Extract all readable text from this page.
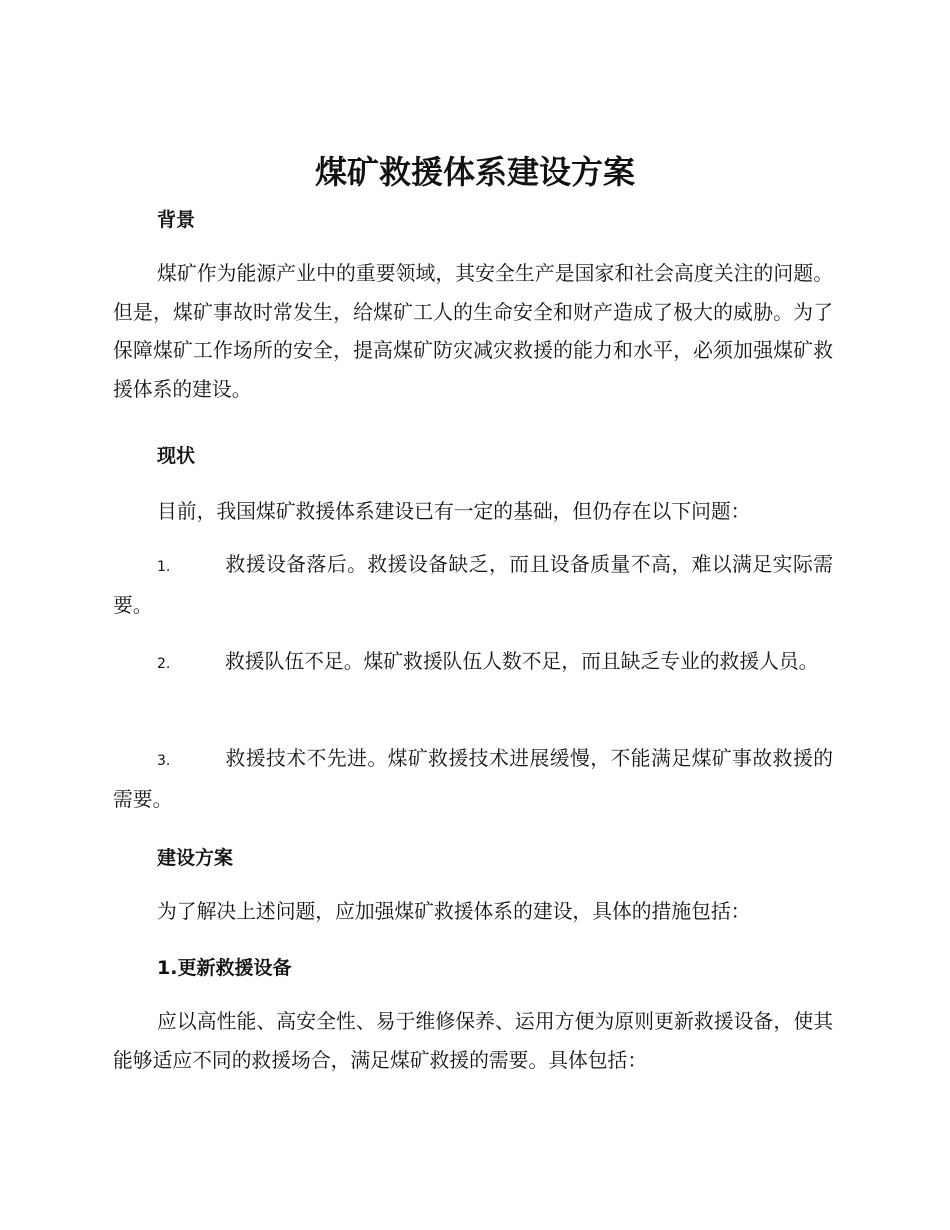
煤矿救援体系建设方案
背景

煤矿作为能源产业中的重要领域，其安全生产是国家和社会高度关注的问题。但是，煤矿事故时常发生，给煤矿工人的生命安全和财产造成了极大的威胁。为了保障煤矿工作场所的安全，提高煤矿防灾减灾救援的能力和水平，必须加强煤矿救援体系的建设。

现状

目前，我国煤矿救援体系建设已有一定的基础，但仍存在以下问题：

1.	救援设备落后。救援设备缺乏，而且设备质量不高，难以满足实际需要。

2.	救援队伍不足。煤矿救援队伍人数不足，而且缺乏专业的救援人员。

3.	救援技术不先进。煤矿救援技术进展缓慢，不能满足煤矿事故救援的需要。

建设方案

为了解决上述问题，应加强煤矿救援体系的建设，具体的措施包括：

1.更新救援设备

应以高性能、高安全性、易于维修保养、运用方便为原则更新救援设备，使其能够适应不同的救援场合，满足煤矿救援的需要。具体包括：
